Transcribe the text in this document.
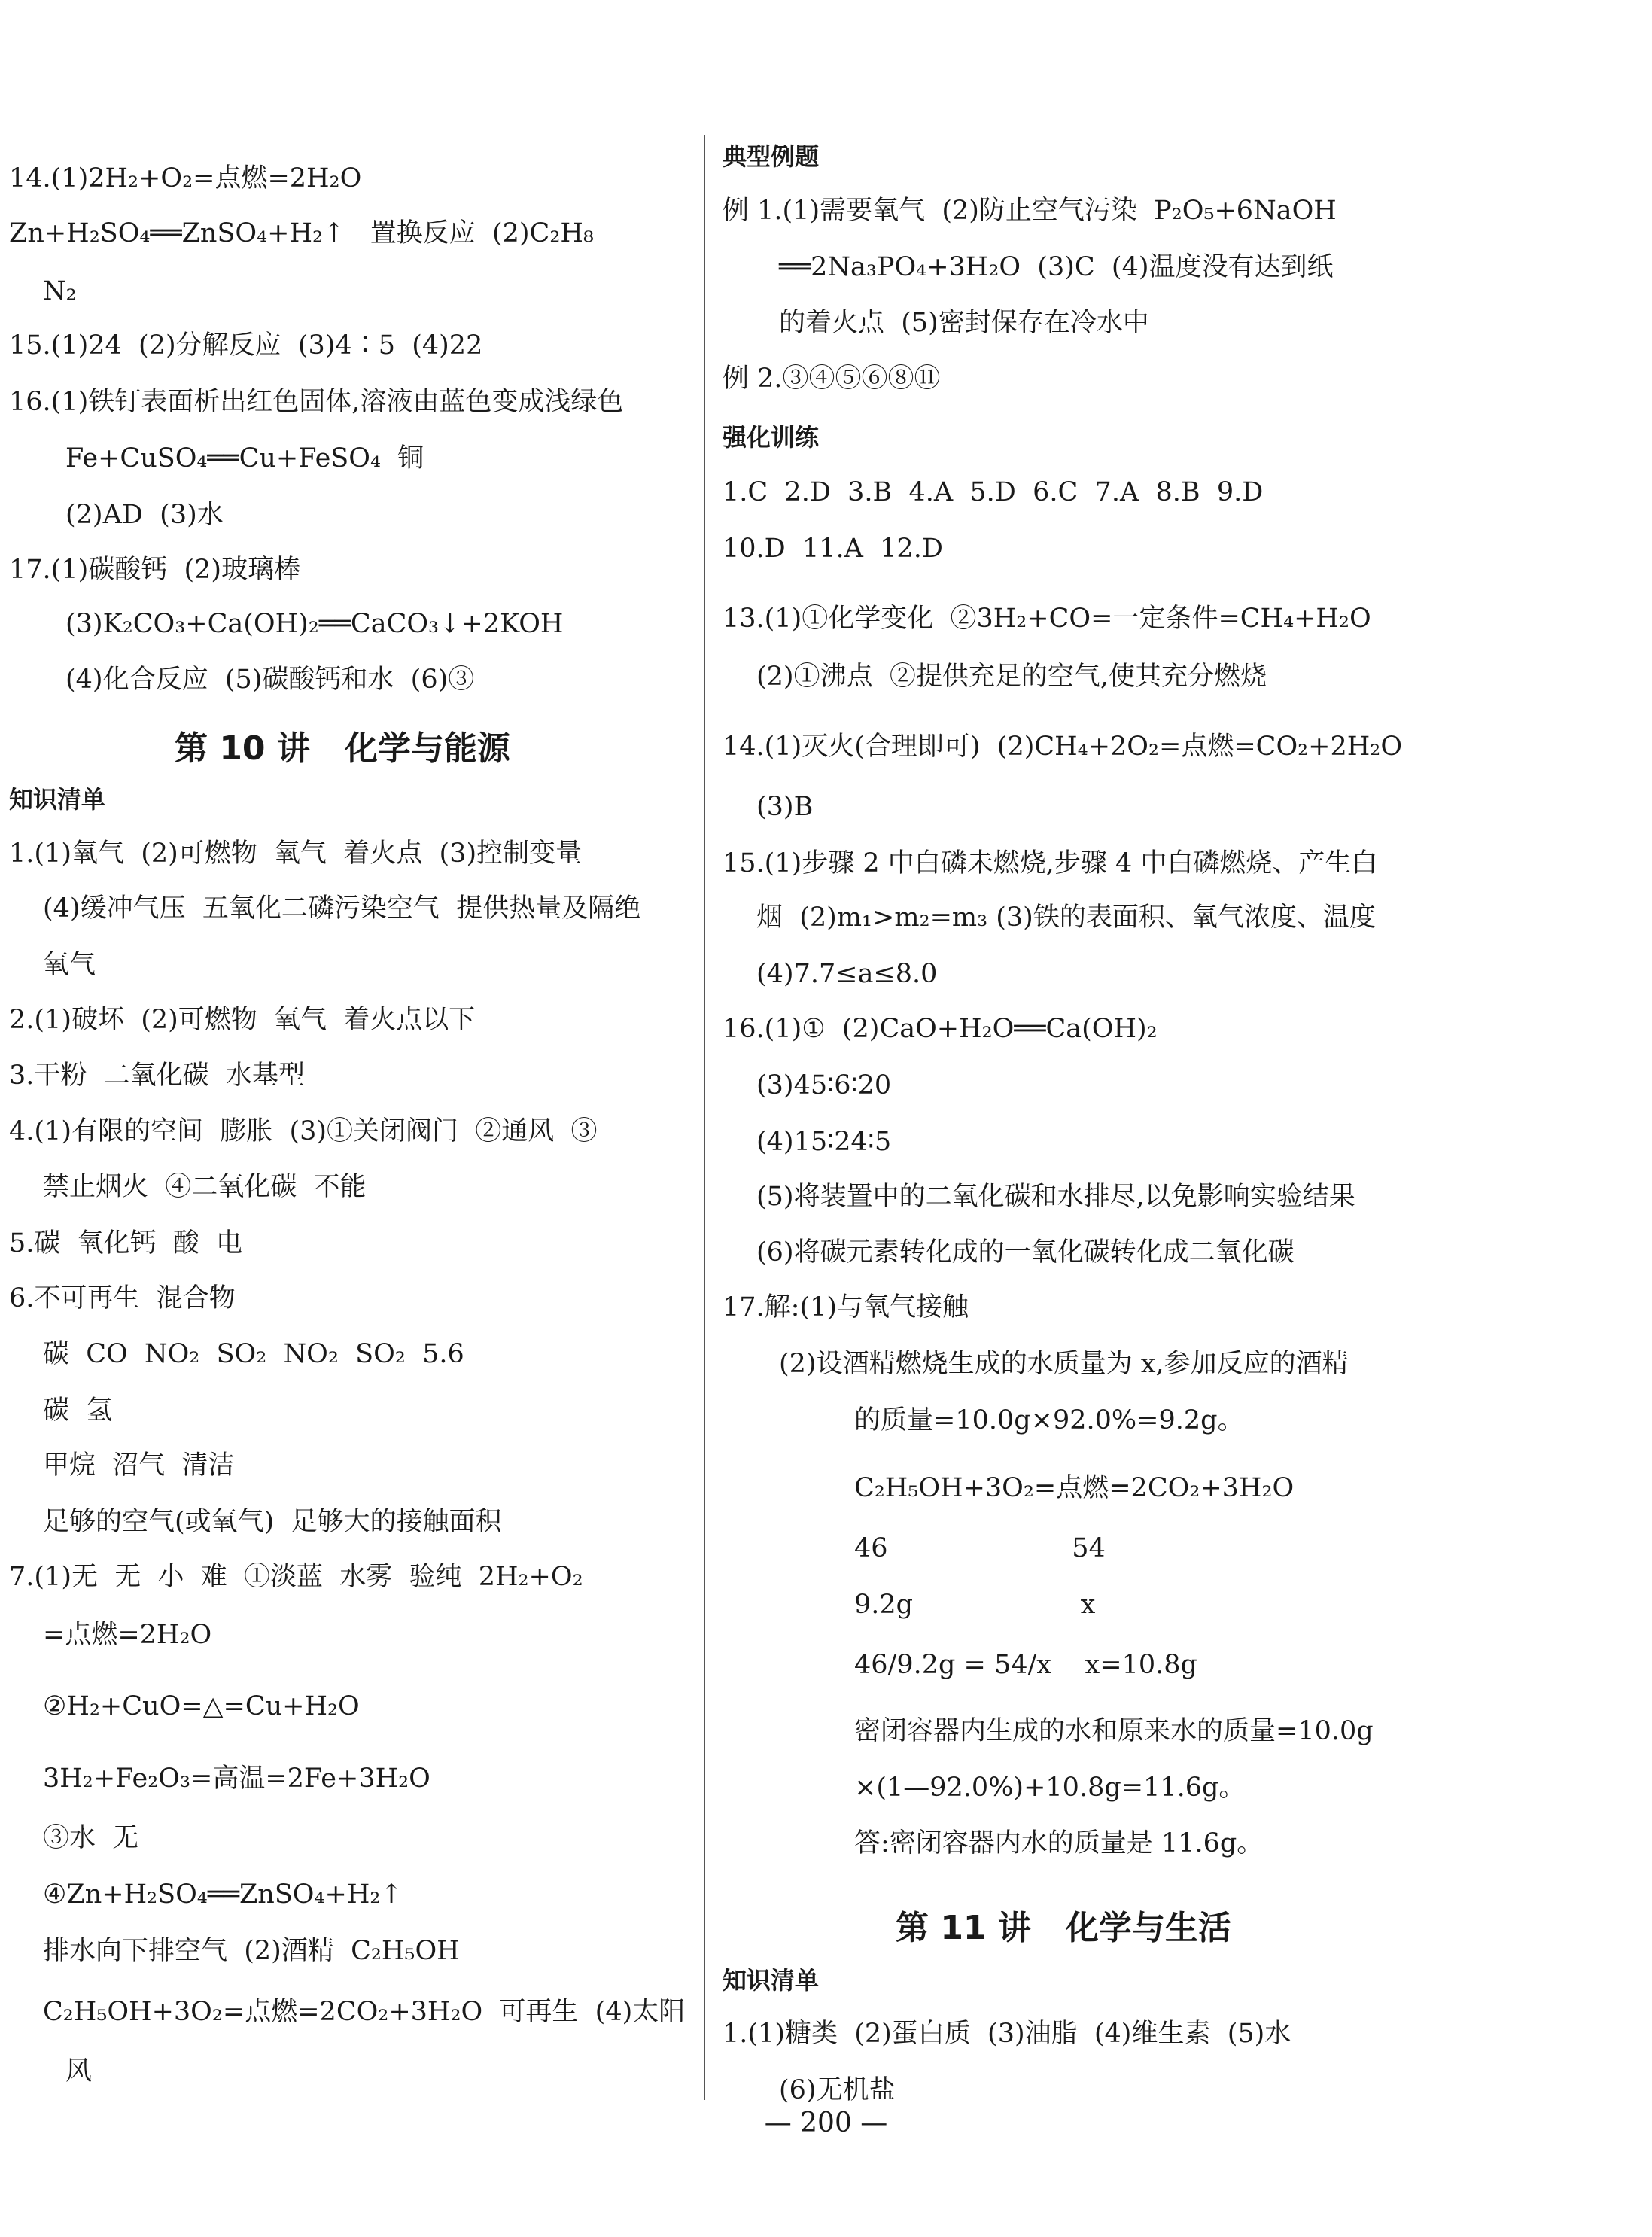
14.(1)2H₂+O₂=点燃=2H₂O
Zn+H₂SO₄══ZnSO₄+H₂↑   置换反应  (2)C₂H₈
N₂
15.(1)24  (2)分解反应  (3)4∶5  (4)22
16.(1)铁钉表面析出红色固体,溶液由蓝色变成浅绿色
Fe+CuSO₄══Cu+FeSO₄  铜
(2)AD  (3)水
17.(1)碳酸钙  (2)玻璃棒
(3)K₂CO₃+Ca(OH)₂══CaCO₃↓+2KOH
(4)化合反应  (5)碳酸钙和水  (6)③
第 10 讲   化学与能源
知识清单
1.(1)氧气  (2)可燃物  氧气  着火点  (3)控制变量
(4)缓冲气压  五氧化二磷污染空气  提供热量及隔绝
氧气
2.(1)破坏  (2)可燃物  氧气  着火点以下
3.干粉  二氧化碳  水基型
4.(1)有限的空间  膨胀  (3)①关闭阀门  ②通风  ③
禁止烟火  ④二氧化碳  不能
5.碳  氧化钙  酸  电
6.不可再生  混合物
碳  CO  NO₂  SO₂  NO₂  SO₂  5.6
碳  氢
甲烷  沼气  清洁
足够的空气(或氧气)  足够大的接触面积
7.(1)无  无  小  难  ①淡蓝  水雾  验纯  2H₂+O₂
=点燃=2H₂O
②H₂+CuO=△=Cu+H₂O
3H₂+Fe₂O₃=高温=2Fe+3H₂O
③水  无
④Zn+H₂SO₄══ZnSO₄+H₂↑
排水向下排空气  (2)酒精  C₂H₅OH
C₂H₅OH+3O₂=点燃=2CO₂+3H₂O  可再生  (4)太阳
风
典型例题
例 1.(1)需要氧气  (2)防止空气污染  P₂O₅+6NaOH
══2Na₃PO₄+3H₂O  (3)C  (4)温度没有达到纸
的着火点  (5)密封保存在冷水中
例 2.③④⑤⑥⑧⑪
强化训练
1.C  2.D  3.B  4.A  5.D  6.C  7.A  8.B  9.D
10.D  11.A  12.D
13.(1)①化学变化  ②3H₂+CO=一定条件=CH₄+H₂O
(2)①沸点  ②提供充足的空气,使其充分燃烧
14.(1)灭火(合理即可)  (2)CH₄+2O₂=点燃=CO₂+2H₂O
(3)B
15.(1)步骤 2 中白磷未燃烧,步骤 4 中白磷燃烧、产生白
烟  (2)m₁>m₂=m₃ (3)铁的表面积、氧气浓度、温度
(4)7.7≤a≤8.0
16.(1)①  (2)CaO+H₂O══Ca(OH)₂
(3)45∶6∶20
(4)15∶24∶5
(5)将装置中的二氧化碳和水排尽,以免影响实验结果
(6)将碳元素转化成的一氧化碳转化成二氧化碳
17.解:(1)与氧气接触
(2)设酒精燃烧生成的水质量为 x,参加反应的酒精
的质量=10.0g×92.0%=9.2g。
C₂H₅OH+3O₂=点燃=2CO₂+3H₂O
46                      54
9.2g                    x
46/9.2g = 54/x    x=10.8g
密闭容器内生成的水和原来水的质量=10.0g
×(1—92.0%)+10.8g=11.6g。
答:密闭容器内水的质量是 11.6g。
第 11 讲   化学与生活
知识清单
1.(1)糖类  (2)蛋白质  (3)油脂  (4)维生素  (5)水
(6)无机盐
— 200 —
